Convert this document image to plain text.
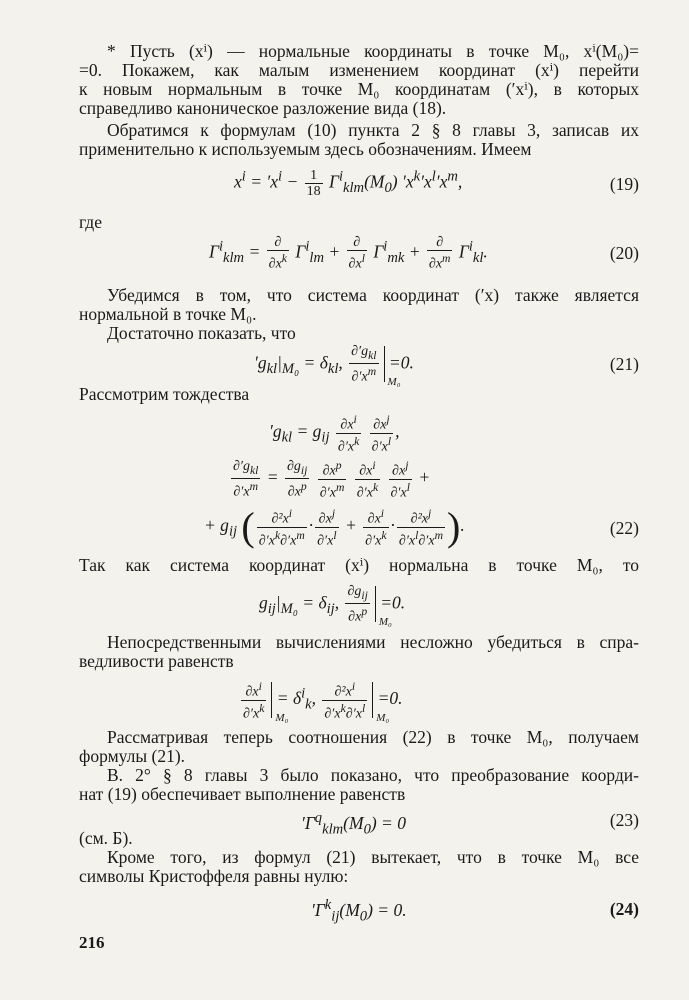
* Пусть (xⁱ) — нормальные координаты в точке M₀, xⁱ(M₀)=
=0. Покажем, как малым изменением координат (xⁱ) перейти
к новым нормальным в точке M₀ координатам (′xⁱ), в которых
справедливо каноническое разложение вида (18).
Обратимся к формулам (10) пункта 2 § 8 главы 3, записав их
применительно к используемым здесь обозначениям. Имеем
$x^i = 'x^i - \frac{1}{18} \Gamma^i_{klm}(M_0)$ $'x^k'x^l'x^m$,	(19)
где
$\Gamma^i_{klm} = \frac{\partial}{\partial x^k} \Gamma^i_{lm} + \frac{\partial}{\partial x^l} \Gamma^i_{mk} + \frac{\partial}{\partial x^m} \Gamma^i_{kl}$.	(20)
Убедимся в том, что система координат (′x) также является
нормальной в точке M₀.
Достаточно показать, что
$'g_{kl}|_{M_0} = \delta_{kl}$, $\frac{\partial'g_{kl}}{\partial'x^m} M_0$
=0.	(21)
Рассмотрим тождества
$'g_{kl} = g_{ij} \frac{\partial x^i}{\partial'x^k}$
$\frac{\partial x^j}{\partial'x^l}$ ,
$\frac{\partial'g_{kl}}{\partial'x^m} = \frac{\partial g_{ij}}{\partial x^p}$
$\frac{\partial x^p}{\partial'x^m}$
$\frac{\partial x^i}{\partial'x^k}$
$\frac{\partial x^j}{\partial'x^l}$ +
+ $g_{ij}$ ( $\frac{\partial^2x^i}{\partial'x^k\partial'x^m} \cdot \frac{\partial x^j}{\partial'x^l} + \frac{\partial x^i}{\partial'x^k} \cdot \frac{\partial^2x^j}{\partial'x^l\partial'x^m}$ ).	(22)
Так как система координат (xⁱ) нормальна в точке M₀, то
$g_{ij}|_{M_0} = \delta_{ij}$, $\frac{\partial g_{ij}}{\partial x^p} M_0$
=0.
Непосредственными вычислениями несложно убедиться в спра-
ведливости равенств
$\frac{\partial x^i}{\partial'x^k} M_0$
= $\delta^i_k$, $\frac{\partial^2x^i}{\partial'x^k\partial'x^l} M_0$
=0.
Рассматривая теперь соотношения (22) в точке M₀, получаем
формулы (21).
В. 2° § 8 главы 3 было показано, что преобразование коорди-
нат (19) обеспечивает выполнение равенств
$'\Gamma^q_{klm}(M_0) = 0$	(23)
(см. Б).
Кроме того, из формул (21) вытекает, что в точке M₀ все
символы Кристоффеля равны нулю:
$'\Gamma^k_{ij}(M_0) = 0$.	(24)
216
